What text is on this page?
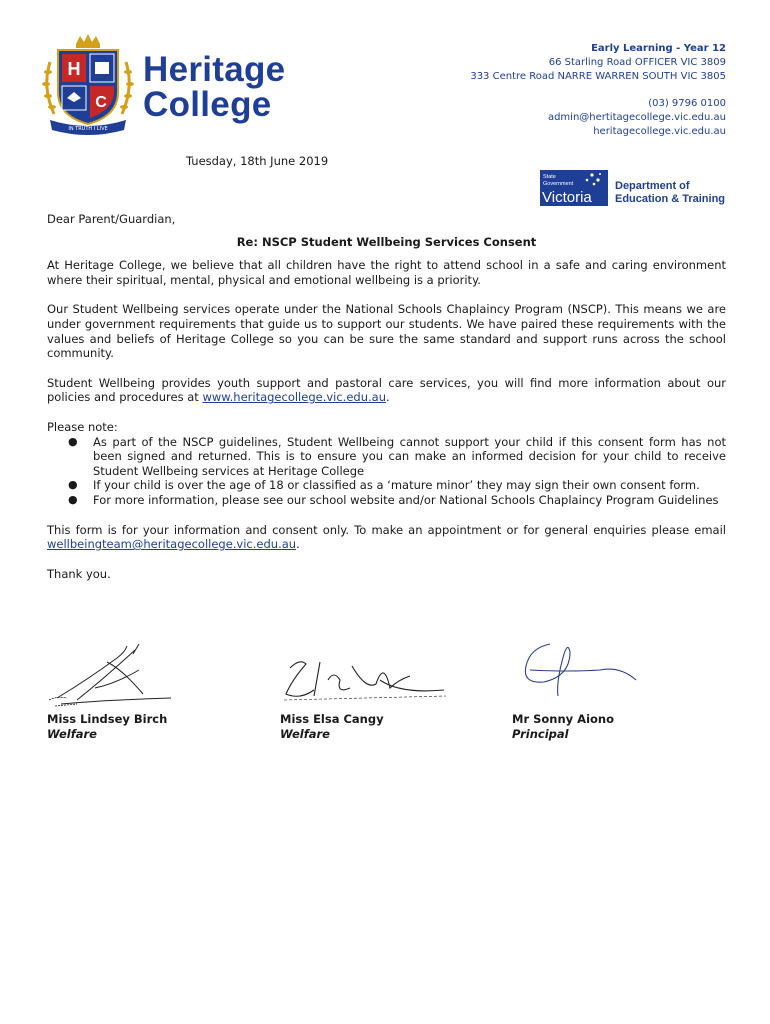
H
C
IN TRUTH I LIVE
Heritage
College
Early Learning - Year 12
66 Starling Road OFFICER VIC 3809
333 Centre Road NARRE WARREN SOUTH VIC 3805
(03) 9796 0100
admin@hertitagecollege.vic.edu.au
heritagecollege.vic.edu.au
Tuesday, 18th June 2019
State
Government
Victoria
Department of
Education & Training

Dear Parent/Guardian,

Re: NSCP Student Wellbeing Services Consent

At Heritage College, we believe that all children have the right to attend school in a safe and caring environment where their spiritual, mental, physical and emotional wellbeing is a priority.

Our Student Wellbeing services operate under the National Schools Chaplaincy Program (NSCP). This means we are under government requirements that guide us to support our students. We have paired these requirements with the values and beliefs of Heritage College so you can be sure the same standard and support runs across the school community.

Student Wellbeing provides youth support and pastoral care services, you will find more information about our policies and procedures at www.heritagecollege.vic.edu.au.

Please note:

● As part of the NSCP guidelines, Student Wellbeing cannot support your child if this consent form has not been signed and returned. This is to ensure you can make an informed decision for your child to receive Student Wellbeing services at Heritage College
● If your child is over the age of 18 or classified as a ‘mature minor’ they may sign their own consent form.
● For more information, please see our school website and/or National Schools Chaplaincy Program Guidelines

This form is for your information and consent only. To make an appointment or for general enquiries please email wellbeingteam@heritagecollege.vic.edu.au.

Thank you.

Miss Lindsey Birch
Welfare
Miss Elsa Cangy
Welfare
Mr Sonny Aiono
Principal
